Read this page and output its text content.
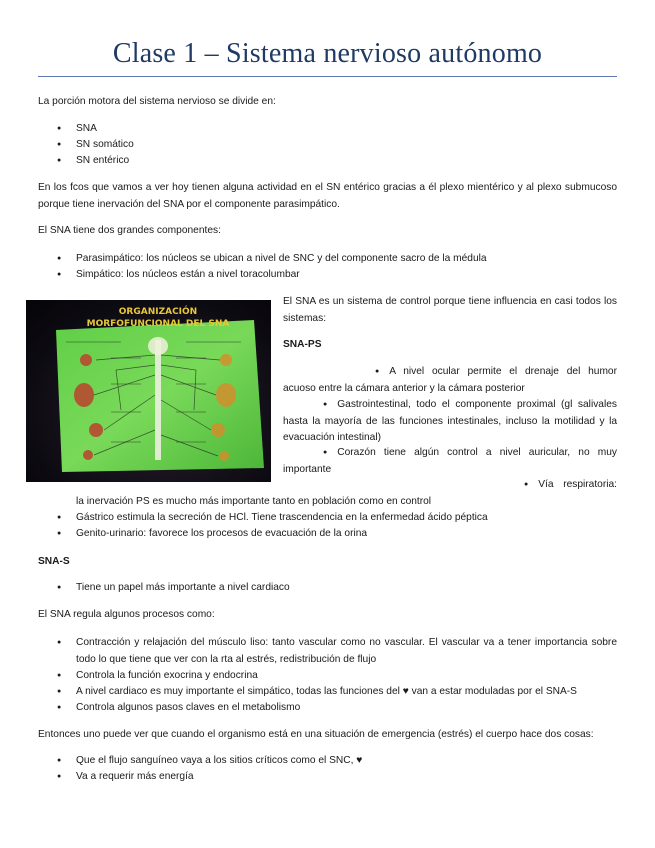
Clase 1 – Sistema nervioso autónomo
La porción motora del sistema nervioso se divide en:
● SNA
● SN somático
● SN entérico
En los fcos que vamos a ver hoy tienen alguna actividad en el SN entérico gracias a él plexo mientérico y al plexo submucoso porque tiene inervación del SNA por el componente parasimpático.
El SNA tiene dos grandes componentes:
● Parasimpático: los núcleos se ubican a nivel de SNC y del componente sacro de la médula
● Simpático: los núcleos están a nivel toracolumbar
ORGANIZACIÓN
MORFOFUNCIONAL DEL SNA
El SNA es un sistema de control porque tiene influencia en casi todos los sistemas:
SNA-PS
● A nivel ocular permite el drenaje del humor acuoso entre la cámara anterior y la cámara posterior
● Gastrointestinal, todo el componente proximal (gl salivales hasta la mayoría de las funciones intestinales, incluso la motilidad y la evacuación intestinal)
● Corazón tiene algún control a nivel auricular, no muy importante
● Vía respiratoria: la inervación PS es mucho más importante tanto en población como en control
● Gástrico estimula la secreción de HCl. Tiene trascendencia en la enfermedad ácido péptica
● Genito-urinario: favorece los procesos de evacuación de la orina
SNA-S
● Tiene un papel más importante a nivel cardiaco
El SNA regula algunos procesos como:
● Contracción y relajación del músculo liso: tanto vascular como no vascular. El vascular va a tener importancia sobre todo lo que tiene que ver con la rta al estrés, redistribución de flujo
● Controla la función exocrina y endocrina
● A nivel cardiaco es muy importante el simpático, todas las funciones del ♥ van a estar moduladas por el SNA-S
● Controla algunos pasos claves en el metabolismo
Entonces uno puede ver que cuando el organismo está en una situación de emergencia (estrés) el cuerpo hace dos cosas:
● Que el flujo sanguíneo vaya a los sitios críticos como el SNC, ♥
● Va a requerir más energía
